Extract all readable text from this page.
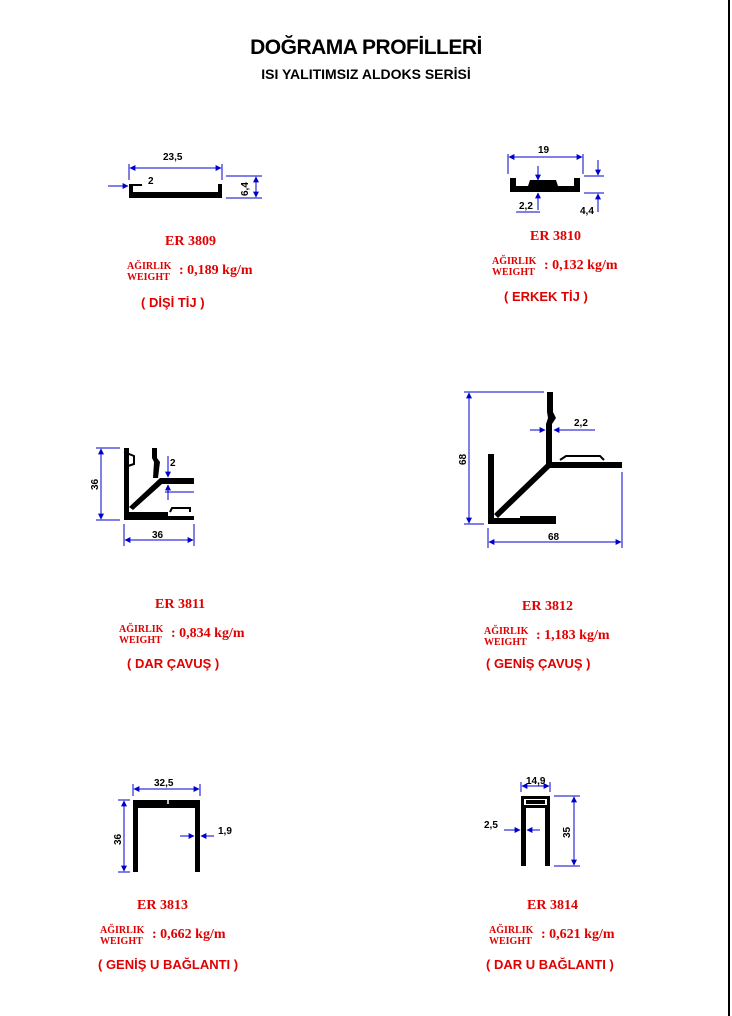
DOĞRAMA PROFİLLERİ
ISI YALITIMSIZ ALDOKS SERİSİ
23,5
2
6,4
19
2,2	4,4
36
2
36
68
2,2
68
32,5
36
1,9
14,9
2,5
35
ER 3809
AĞIRLIK
WEIGHT : 0,189 kg/m
( DİŞİ TİJ )
ER 3810
AĞIRLIK
WEIGHT : 0,132 kg/m
( ERKEK TİJ )
ER 3811
AĞIRLIK
WEIGHT : 0,834 kg/m
( DAR ÇAVUŞ )
ER 3812
AĞIRLIK
WEIGHT : 1,183 kg/m
( GENİŞ ÇAVUŞ )
ER 3813
AĞIRLIK
WEIGHT : 0,662 kg/m
( GENİŞ U BAĞLANTI )
ER 3814
AĞIRLIK
WEIGHT : 0,621 kg/m
( DAR U BAĞLANTI )
